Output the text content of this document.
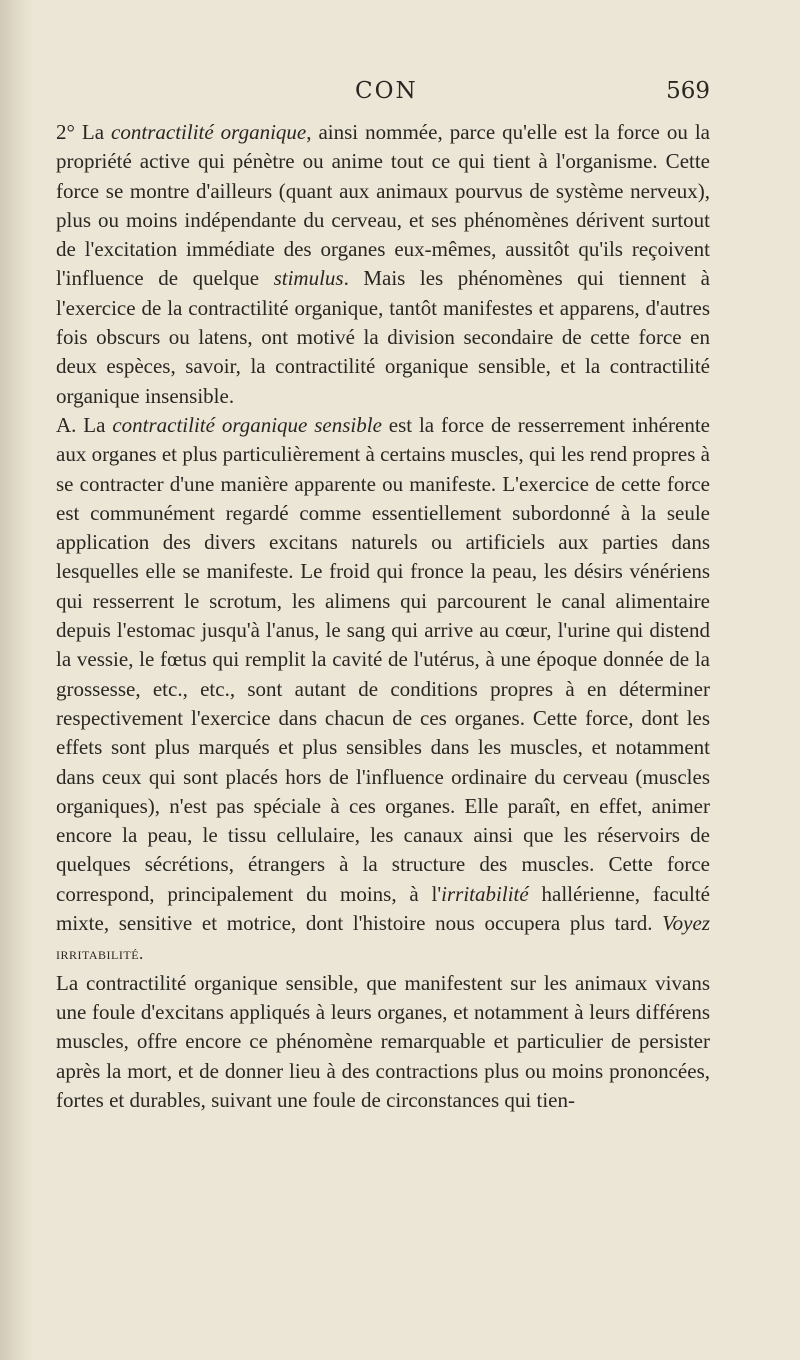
CON	569

2° La contractilité organique, ainsi nommée, parce qu'elle est la force ou la propriété active qui pénètre ou anime tout ce qui tient à l'organisme. Cette force se montre d'ailleurs (quant aux animaux pourvus de système nerveux), plus ou moins indépendante du cerveau, et ses phénomènes dérivent surtout de l'excitation immédiate des organes eux-mêmes, aussitôt qu'ils reçoivent l'influence de quelque stimulus. Mais les phénomènes qui tiennent à l'exercice de la contractilité organique, tantôt manifestes et apparens, d'autres fois obscurs ou latens, ont motivé la division secondaire de cette force en deux espèces, savoir, la contractilité organique sensible, et la contractilité organique insensible.

A. La contractilité organique sensible est la force de resserrement inhérente aux organes et plus particulièrement à certains muscles, qui les rend propres à se contracter d'une manière apparente ou manifeste. L'exercice de cette force est communément regardé comme essentiellement subordonné à la seule application des divers excitans naturels ou artificiels aux parties dans lesquelles elle se manifeste. Le froid qui fronce la peau, les désirs vénériens qui resserrent le scrotum, les alimens qui parcourent le canal alimentaire depuis l'estomac jusqu'à l'anus, le sang qui arrive au cœur, l'urine qui distend la vessie, le fœtus qui remplit la cavité de l'utérus, à une époque donnée de la grossesse, etc., etc., sont autant de conditions propres à en déterminer respectivement l'exercice dans chacun de ces organes. Cette force, dont les effets sont plus marqués et plus sensibles dans les muscles, et notamment dans ceux qui sont placés hors de l'influence ordinaire du cerveau (muscles organiques), n'est pas spéciale à ces organes. Elle paraît, en effet, animer encore la peau, le tissu cellulaire, les canaux ainsi que les réservoirs de quelques sécrétions, étrangers à la structure des muscles. Cette force correspond, principalement du moins, à l'irritabilité hallérienne, faculté mixte, sensitive et motrice, dont l'histoire nous occupera plus tard. Voyez irritabilité.

La contractilité organique sensible, que manifestent sur les animaux vivans une foule d'excitans appliqués à leurs organes, et notamment à leurs différens muscles, offre encore ce phénomène remarquable et particulier de persister après la mort, et de donner lieu à des contractions plus ou moins prononcées, fortes et durables, suivant une foule de circonstances qui tien-
